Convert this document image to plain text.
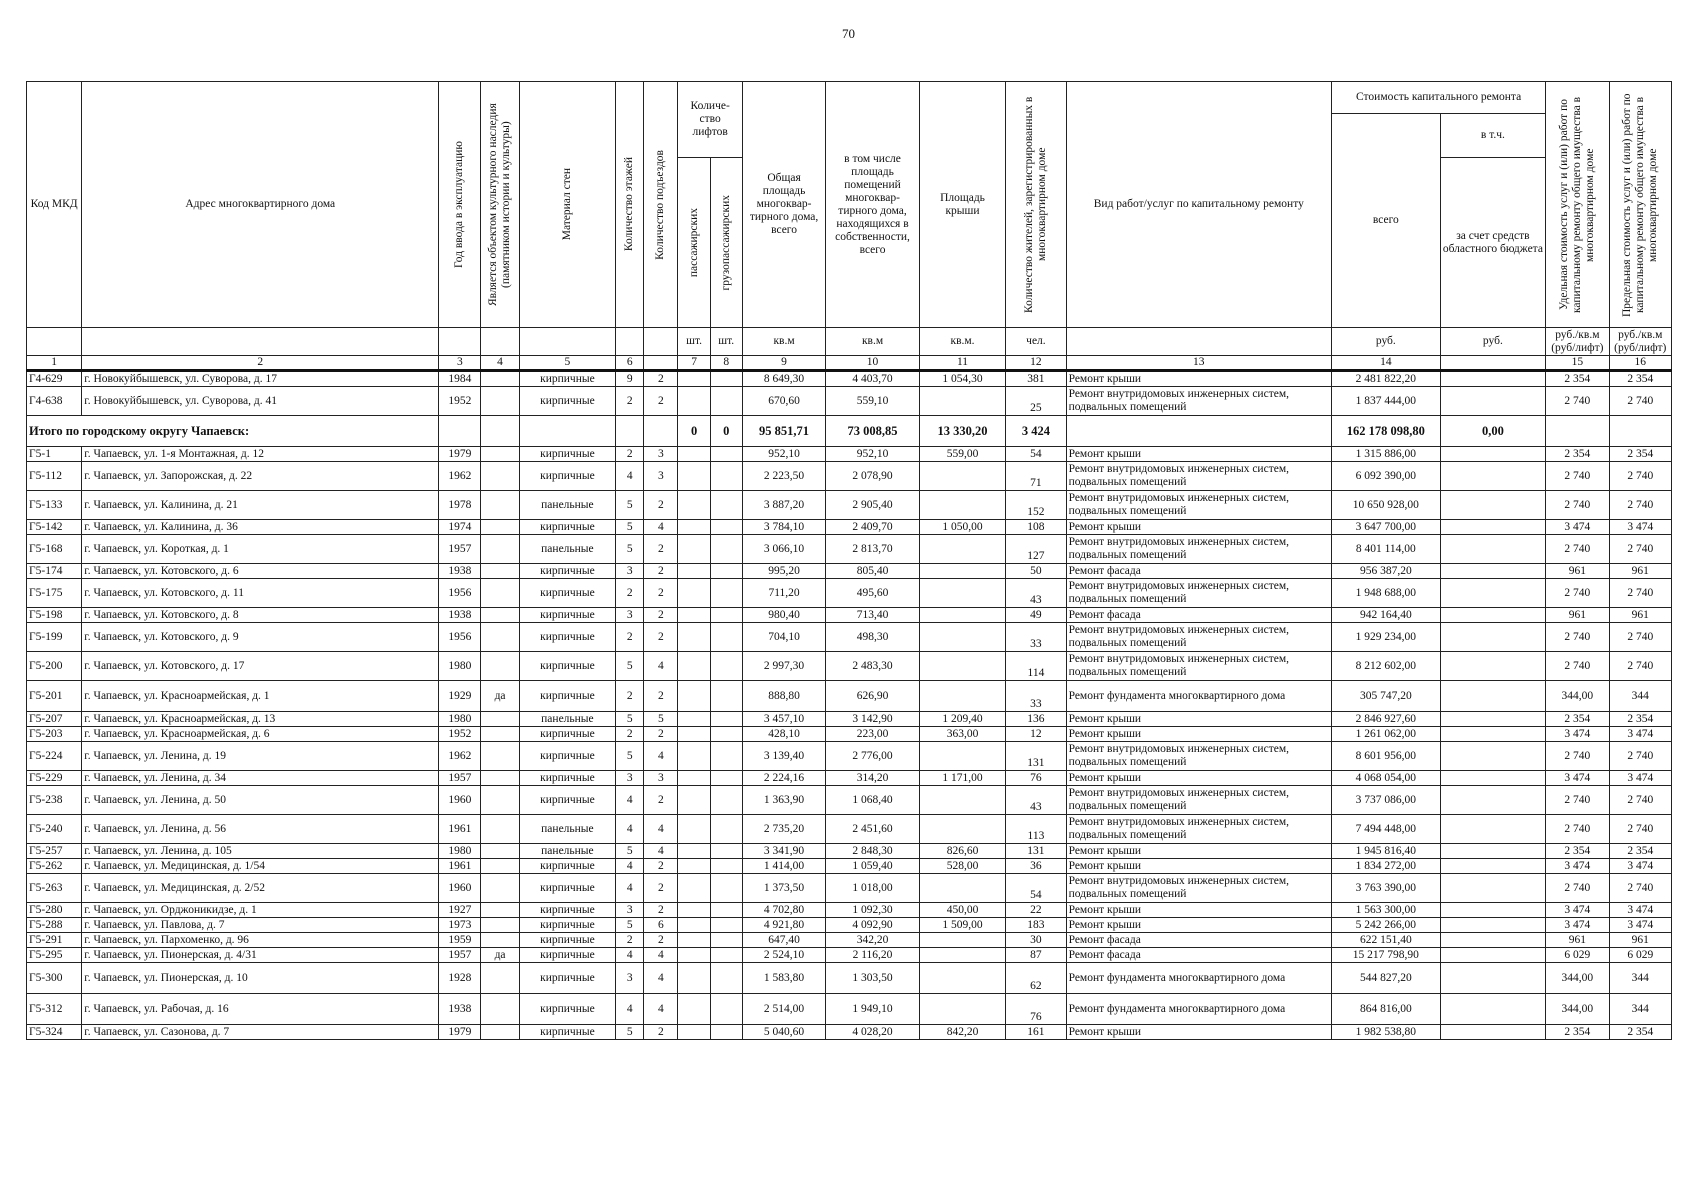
70
Код МКД	Адрес многоквартирного дома	Год ввода в эксплуатацию	Является объектом культурного наследия (памятником истории и культуры)	Материал стен	Количество этажей	Количество подъездов	Количе-ство лифтов		Общая площадь многоквар-тирного дома, всего	в том числе площадь помещений многоквар-тирного дома, находящихся в собственности, всего	Площадь крыши	Количество жителей, зарегистрированных в многоквартирном доме	Вид работ/услуг по капитальному ремонту	Стоимость капитального ремонта		Удельная стоимость услуг и (или) работ по капитальному ремонту общего имущества в многоквартирном доме	Предельная стоимость услуг и (или) работ по капитальному ремонту общего имущества в многоквартирном доме

														всего	в т.ч.		

							пассажирских	грузопассажирских							за счет средств областного бюджета		
							шт.	шт.	кв.м	кв.м	кв.м.	чел.		руб.	руб.	руб./кв.м (руб/лифт)	руб./кв.м (руб/лифт)
1	2	3	4	5	6		7	8	9	10	11	12	13	14		15	16
Г4-629	г. Новокуйбышевск, ул. Суворова, д. 17	1984		кирпичные	9	2			8 649,30	4 403,70	1 054,30	381	Ремонт крыши	2 481 822,20		2 354	2 354
Г4-638	г. Новокуйбышевск, ул. Суворова, д. 41	1952		кирпичные	2	2			670,60	559,10		25	Ремонт внутридомовых инженерных систем, подвальных помещений	1 837 444,00		2 740	2 740
Итого по городскому округу Чапаевск:							0	0	95 851,71	73 008,85	13 330,20	3 424		162 178 098,80	0,00		
Г5-1	г. Чапаевск, ул. 1-я Монтажная, д. 12	1979		кирпичные	2	3			952,10	952,10	559,00	54	Ремонт крыши	1 315 886,00		2 354	2 354
Г5-112	г. Чапаевск, ул. Запорожская, д. 22	1962		кирпичные	4	3			2 223,50	2 078,90		71	Ремонт внутридомовых инженерных систем, подвальных помещений	6 092 390,00		2 740	2 740
Г5-133	г. Чапаевск, ул. Калинина, д. 21	1978		панельные	5	2			3 887,20	2 905,40		152	Ремонт внутридомовых инженерных систем, подвальных помещений	10 650 928,00		2 740	2 740
Г5-142	г. Чапаевск, ул. Калинина, д. 36	1974		кирпичные	5	4			3 784,10	2 409,70	1 050,00	108	Ремонт крыши	3 647 700,00		3 474	3 474
Г5-168	г. Чапаевск, ул. Короткая, д. 1	1957		панельные	5	2			3 066,10	2 813,70		127	Ремонт внутридомовых инженерных систем, подвальных помещений	8 401 114,00		2 740	2 740
Г5-174	г. Чапаевск, ул. Котовского, д. 6	1938		кирпичные	3	2			995,20	805,40		50	Ремонт фасада	956 387,20		961	961
Г5-175	г. Чапаевск, ул. Котовского, д. 11	1956		кирпичные	2	2			711,20	495,60		43	Ремонт внутридомовых инженерных систем, подвальных помещений	1 948 688,00		2 740	2 740
Г5-198	г. Чапаевск, ул. Котовского, д. 8	1938		кирпичные	3	2			980,40	713,40		49	Ремонт фасада	942 164,40		961	961
Г5-199	г. Чапаевск, ул. Котовского, д. 9	1956		кирпичные	2	2			704,10	498,30		33	Ремонт внутридомовых инженерных систем, подвальных помещений	1 929 234,00		2 740	2 740
Г5-200	г. Чапаевск, ул. Котовского, д. 17	1980		кирпичные	5	4			2 997,30	2 483,30		114	Ремонт внутридомовых инженерных систем, подвальных помещений	8 212 602,00		2 740	2 740
Г5-201	г. Чапаевск, ул. Красноармейская, д. 1	1929	да	кирпичные	2	2			888,80	626,90		33	Ремонт фундамента многоквартирного дома	305 747,20		344,00	344
Г5-207	г. Чапаевск, ул. Красноармейская, д. 13	1980		панельные	5	5			3 457,10	3 142,90	1 209,40	136	Ремонт крыши	2 846 927,60		2 354	2 354
Г5-203	г. Чапаевск, ул. Красноармейская, д. 6	1952		кирпичные	2	2			428,10	223,00	363,00	12	Ремонт крыши	1 261 062,00		3 474	3 474
Г5-224	г. Чапаевск, ул. Ленина, д. 19	1962		кирпичные	5	4			3 139,40	2 776,00		131	Ремонт внутридомовых инженерных систем, подвальных помещений	8 601 956,00		2 740	2 740
Г5-229	г. Чапаевск, ул. Ленина, д. 34	1957		кирпичные	3	3			2 224,16	314,20	1 171,00	76	Ремонт крыши	4 068 054,00		3 474	3 474
Г5-238	г. Чапаевск, ул. Ленина, д. 50	1960		кирпичные	4	2			1 363,90	1 068,40		43	Ремонт внутридомовых инженерных систем, подвальных помещений	3 737 086,00		2 740	2 740
Г5-240	г. Чапаевск, ул. Ленина, д. 56	1961		панельные	4	4			2 735,20	2 451,60		113	Ремонт внутридомовых инженерных систем, подвальных помещений	7 494 448,00		2 740	2 740
Г5-257	г. Чапаевск, ул. Ленина, д. 105	1980		панельные	5	4			3 341,90	2 848,30	826,60	131	Ремонт крыши	1 945 816,40		2 354	2 354
Г5-262	г. Чапаевск, ул. Медицинская, д. 1/54	1961		кирпичные	4	2			1 414,00	1 059,40	528,00	36	Ремонт крыши	1 834 272,00		3 474	3 474
Г5-263	г. Чапаевск, ул. Медицинская, д. 2/52	1960		кирпичные	4	2			1 373,50	1 018,00		54	Ремонт внутридомовых инженерных систем, подвальных помещений	3 763 390,00		2 740	2 740
Г5-280	г. Чапаевск, ул. Орджоникидзе, д. 1	1927		кирпичные	3	2			4 702,80	1 092,30	450,00	22	Ремонт крыши	1 563 300,00		3 474	3 474
Г5-288	г. Чапаевск, ул. Павлова, д. 7	1973		кирпичные	5	6			4 921,80	4 092,90	1 509,00	183	Ремонт крыши	5 242 266,00		3 474	3 474
Г5-291	г. Чапаевск, ул. Пархоменко, д. 96	1959		кирпичные	2	2			647,40	342,20		30	Ремонт фасада	622 151,40		961	961
Г5-295	г. Чапаевск, ул. Пионерская, д. 4/31	1957	да	кирпичные	4	4			2 524,10	2 116,20		87	Ремонт фасада	15 217 798,90		6 029	6 029
Г5-300	г. Чапаевск, ул. Пионерская, д. 10	1928		кирпичные	3	4			1 583,80	1 303,50		62	Ремонт фундамента многоквартирного дома	544 827,20		344,00	344
Г5-312	г. Чапаевск, ул. Рабочая, д. 16	1938		кирпичные	4	4			2 514,00	1 949,10		76	Ремонт фундамента многоквартирного дома	864 816,00		344,00	344
Г5-324	г. Чапаевск, ул. Сазонова, д. 7	1979		кирпичные	5	2			5 040,60	4 028,20	842,20	161	Ремонт крыши	1 982 538,80		2 354	2 354
